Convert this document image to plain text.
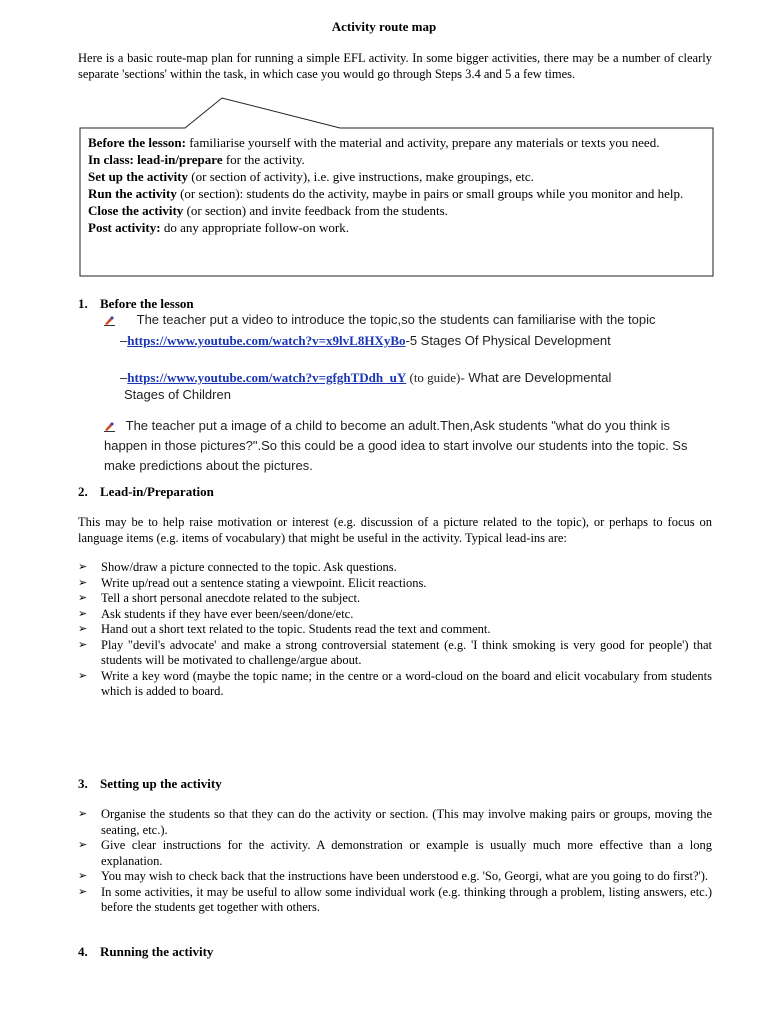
Activity route map
Here is a basic route-map plan for running a simple EFL activity. In some bigger activities, there may be a number of clearly separate 'sections' within the task, in which case you would go through Steps 3.4 and 5 a few times.
Before the lesson: familiarise yourself with the material and activity, prepare any materials or texts you need.
In class: lead-in/prepare for the activity.
Set up the activity (or section of activity), i.e. give instructions, make groupings, etc.
Run the activity (or section): students do the activity, maybe in pairs or small groups while you monitor and help.
Close the activity (or section) and invite feedback from the students.
Post activity: do any appropriate follow-on work.
1. Before the lesson
The teacher put a video to introduce the topic,so the students can familiarise with the topic
–https://www.youtube.com/watch?v=x9lvL8HXyBo-5 Stages Of Physical Development
–https://www.youtube.com/watch?v=gfghTDdh_uY (to guide)- What are Developmental
Stages of Children
The teacher put a image of a child to become an adult.Then,Ask students "what do you think is happen in those pictures?".So this could be a good idea to start involve our students into the topic. Ss make predictions about the pictures.
2. Lead-in/Preparation
This may be to help raise motivation or interest (e.g. discussion of a picture related to the topic), or perhaps to focus on language items (e.g. items of vocabulary) that might be useful in the activity. Typical lead-ins are:
➢ Show/draw a picture connected to the topic. Ask questions.
➢ Write up/read out a sentence stating a viewpoint. Elicit reactions.
➢ Tell a short personal anecdote related to the subject.
➢ Ask students if they have ever been/seen/done/etc.
➢ Hand out a short text related to the topic. Students read the text and comment.
➢ Play "devil's advocate' and make a strong controversial statement (e.g. 'I think smoking is very good for people') that students will be motivated to challenge/argue about.
➢ Write a key word (maybe the topic name; in the centre or a word-cloud on the board and elicit vocabulary from students which is added to board.
3. Setting up the activity
➢ Organise the students so that they can do the activity or section. (This may involve making pairs or groups, moving the seating, etc.).
➢ Give clear instructions for the activity. A demonstration or example is usually much more effective than a long explanation.
➢ You may wish to check back that the instructions have been understood e.g. 'So, Georgi, what are you going to do first?').
➢ In some activities, it may be useful to allow some individual work (e.g. thinking through a problem, listing answers, etc.) before the students get together with others.
4. Running the activity
